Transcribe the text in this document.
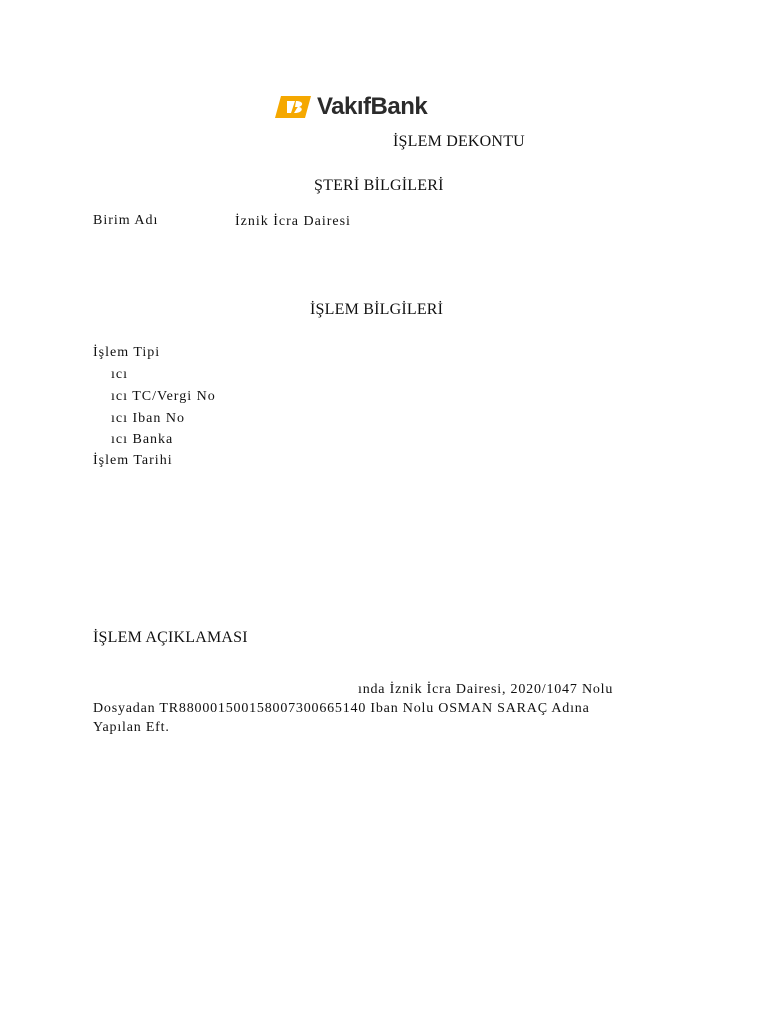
VakıfBank
İŞLEM DEKONTU
ŞTERİ BİLGİLERİ
Birim Adı	İznik İcra Dairesi
İŞLEM BİLGİLERİ
İşlem Tipi
ıcı
ıcı TC/Vergi No
ıcı Iban No
ıcı Banka
İşlem Tarihi
İŞLEM AÇIKLAMASI
ında İznik İcra Dairesi, 2020/1047 Nolu
Dosyadan TR880001500158007300665140 Iban Nolu OSMAN SARAÇ Adına
Yapılan Eft.
